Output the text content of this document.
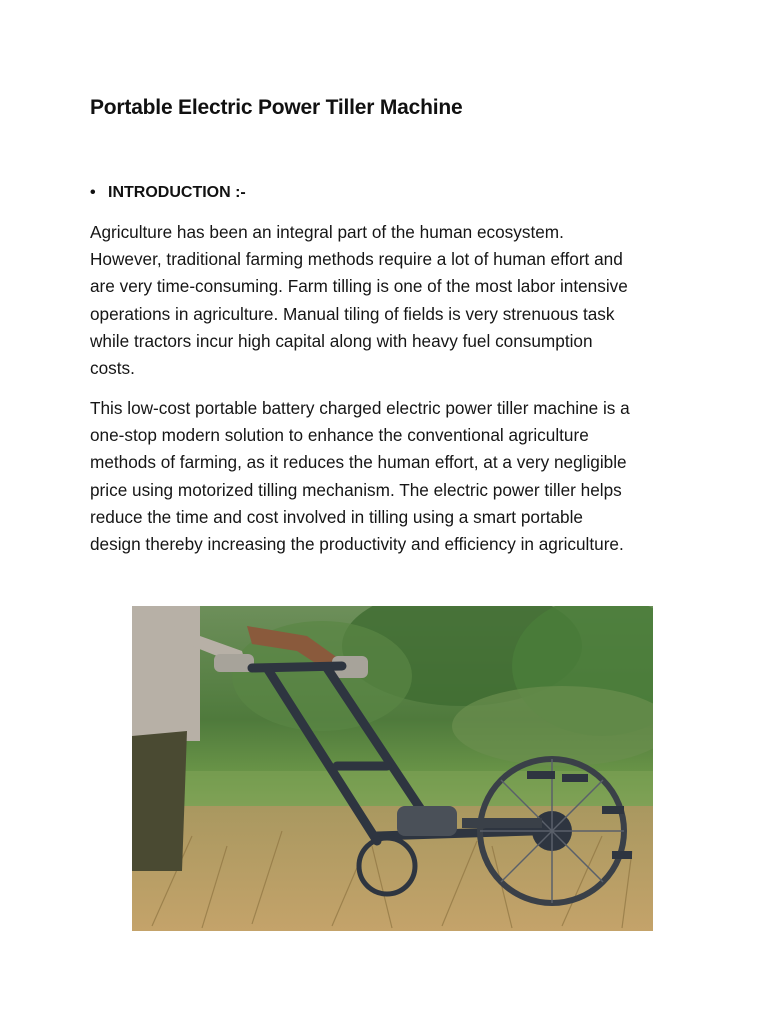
Portable Electric Power Tiller Machine
• INTRODUCTION :-

Agriculture has been an integral part of the human ecosystem.
However, traditional farming methods require a lot of human effort and
are very time-consuming. Farm tilling is one of the most labor intensive
operations in agriculture. Manual tiling of fields is very strenuous task
while tractors incur high capital along with heavy fuel consumption
costs.

This low-cost portable battery charged electric power tiller machine is a
one-stop modern solution to enhance the conventional agriculture
methods of farming, as it reduces the human effort, at a very negligible
price using motorized tilling mechanism. The electric power tiller helps
reduce the time and cost involved in tilling using a smart portable
design thereby increasing the productivity and efficiency in agriculture.
